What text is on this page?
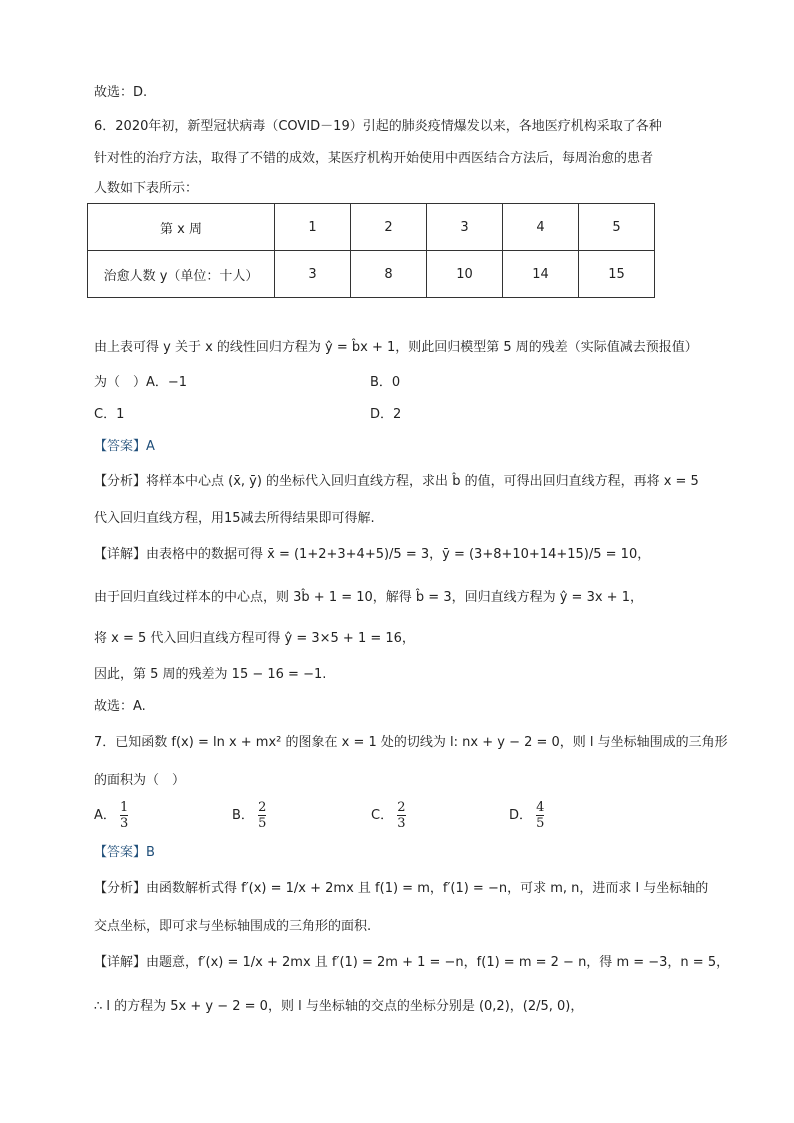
故选：D.
6．2020年初，新型冠状病毒（COVID－19）引起的肺炎疫情爆发以来，各地医疗机构采取了各种
针对性的治疗方法，取得了不错的成效，某医疗机构开始使用中西医结合方法后，每周治愈的患者
人数如下表所示：
第 x 周	1	2	3	4	5
治愈人数 y（单位：十人）	3	8	10	14	15
由上表可得 y 关于 x 的线性回归方程为 ŷ = b̂x + 1，则此回归模型第 5 周的残差（实际值减去预报值）
为（　）A．−1	B．0
C．1	D．2
【答案】A
【分析】将样本中心点 (x̄, ȳ) 的坐标代入回归直线方程，求出 b̂ 的值，可得出回归直线方程，再将 x = 5
代入回归直线方程，用15减去所得结果即可得解.
【详解】由表格中的数据可得 x̄ = (1+2+3+4+5)/5 = 3，ȳ = (3+8+10+14+15)/5 = 10，
由于回归直线过样本的中心点，则 3b̂ + 1 = 10，解得 b̂ = 3，回归直线方程为 ŷ = 3x + 1，
将 x = 5 代入回归直线方程可得 ŷ = 3×5 + 1 = 16，
因此，第 5 周的残差为 15 − 16 = −1.
故选：A.
7．已知函数 f(x) = ln x + mx² 的图象在 x = 1 处的切线为 l: nx + y − 2 = 0，则 l 与坐标轴围成的三角形
的面积为（　）
A． $\frac{1}{3}$	B． $\frac{2}{5}$	C． $\frac{2}{3}$	D． $\frac{4}{5}$
【答案】B
【分析】由函数解析式得 f′(x) = 1/x + 2mx 且 f(1) = m，f′(1) = −n，可求 m, n，进而求 l 与坐标轴的
交点坐标，即可求与坐标轴围成的三角形的面积.
【详解】由题意，f′(x) = 1/x + 2mx 且 f′(1) = 2m + 1 = −n，f(1) = m = 2 − n，得 m = −3，n = 5，
∴ l 的方程为 5x + y − 2 = 0，则 l 与坐标轴的交点的坐标分别是 (0,2)，(2/5, 0)，
